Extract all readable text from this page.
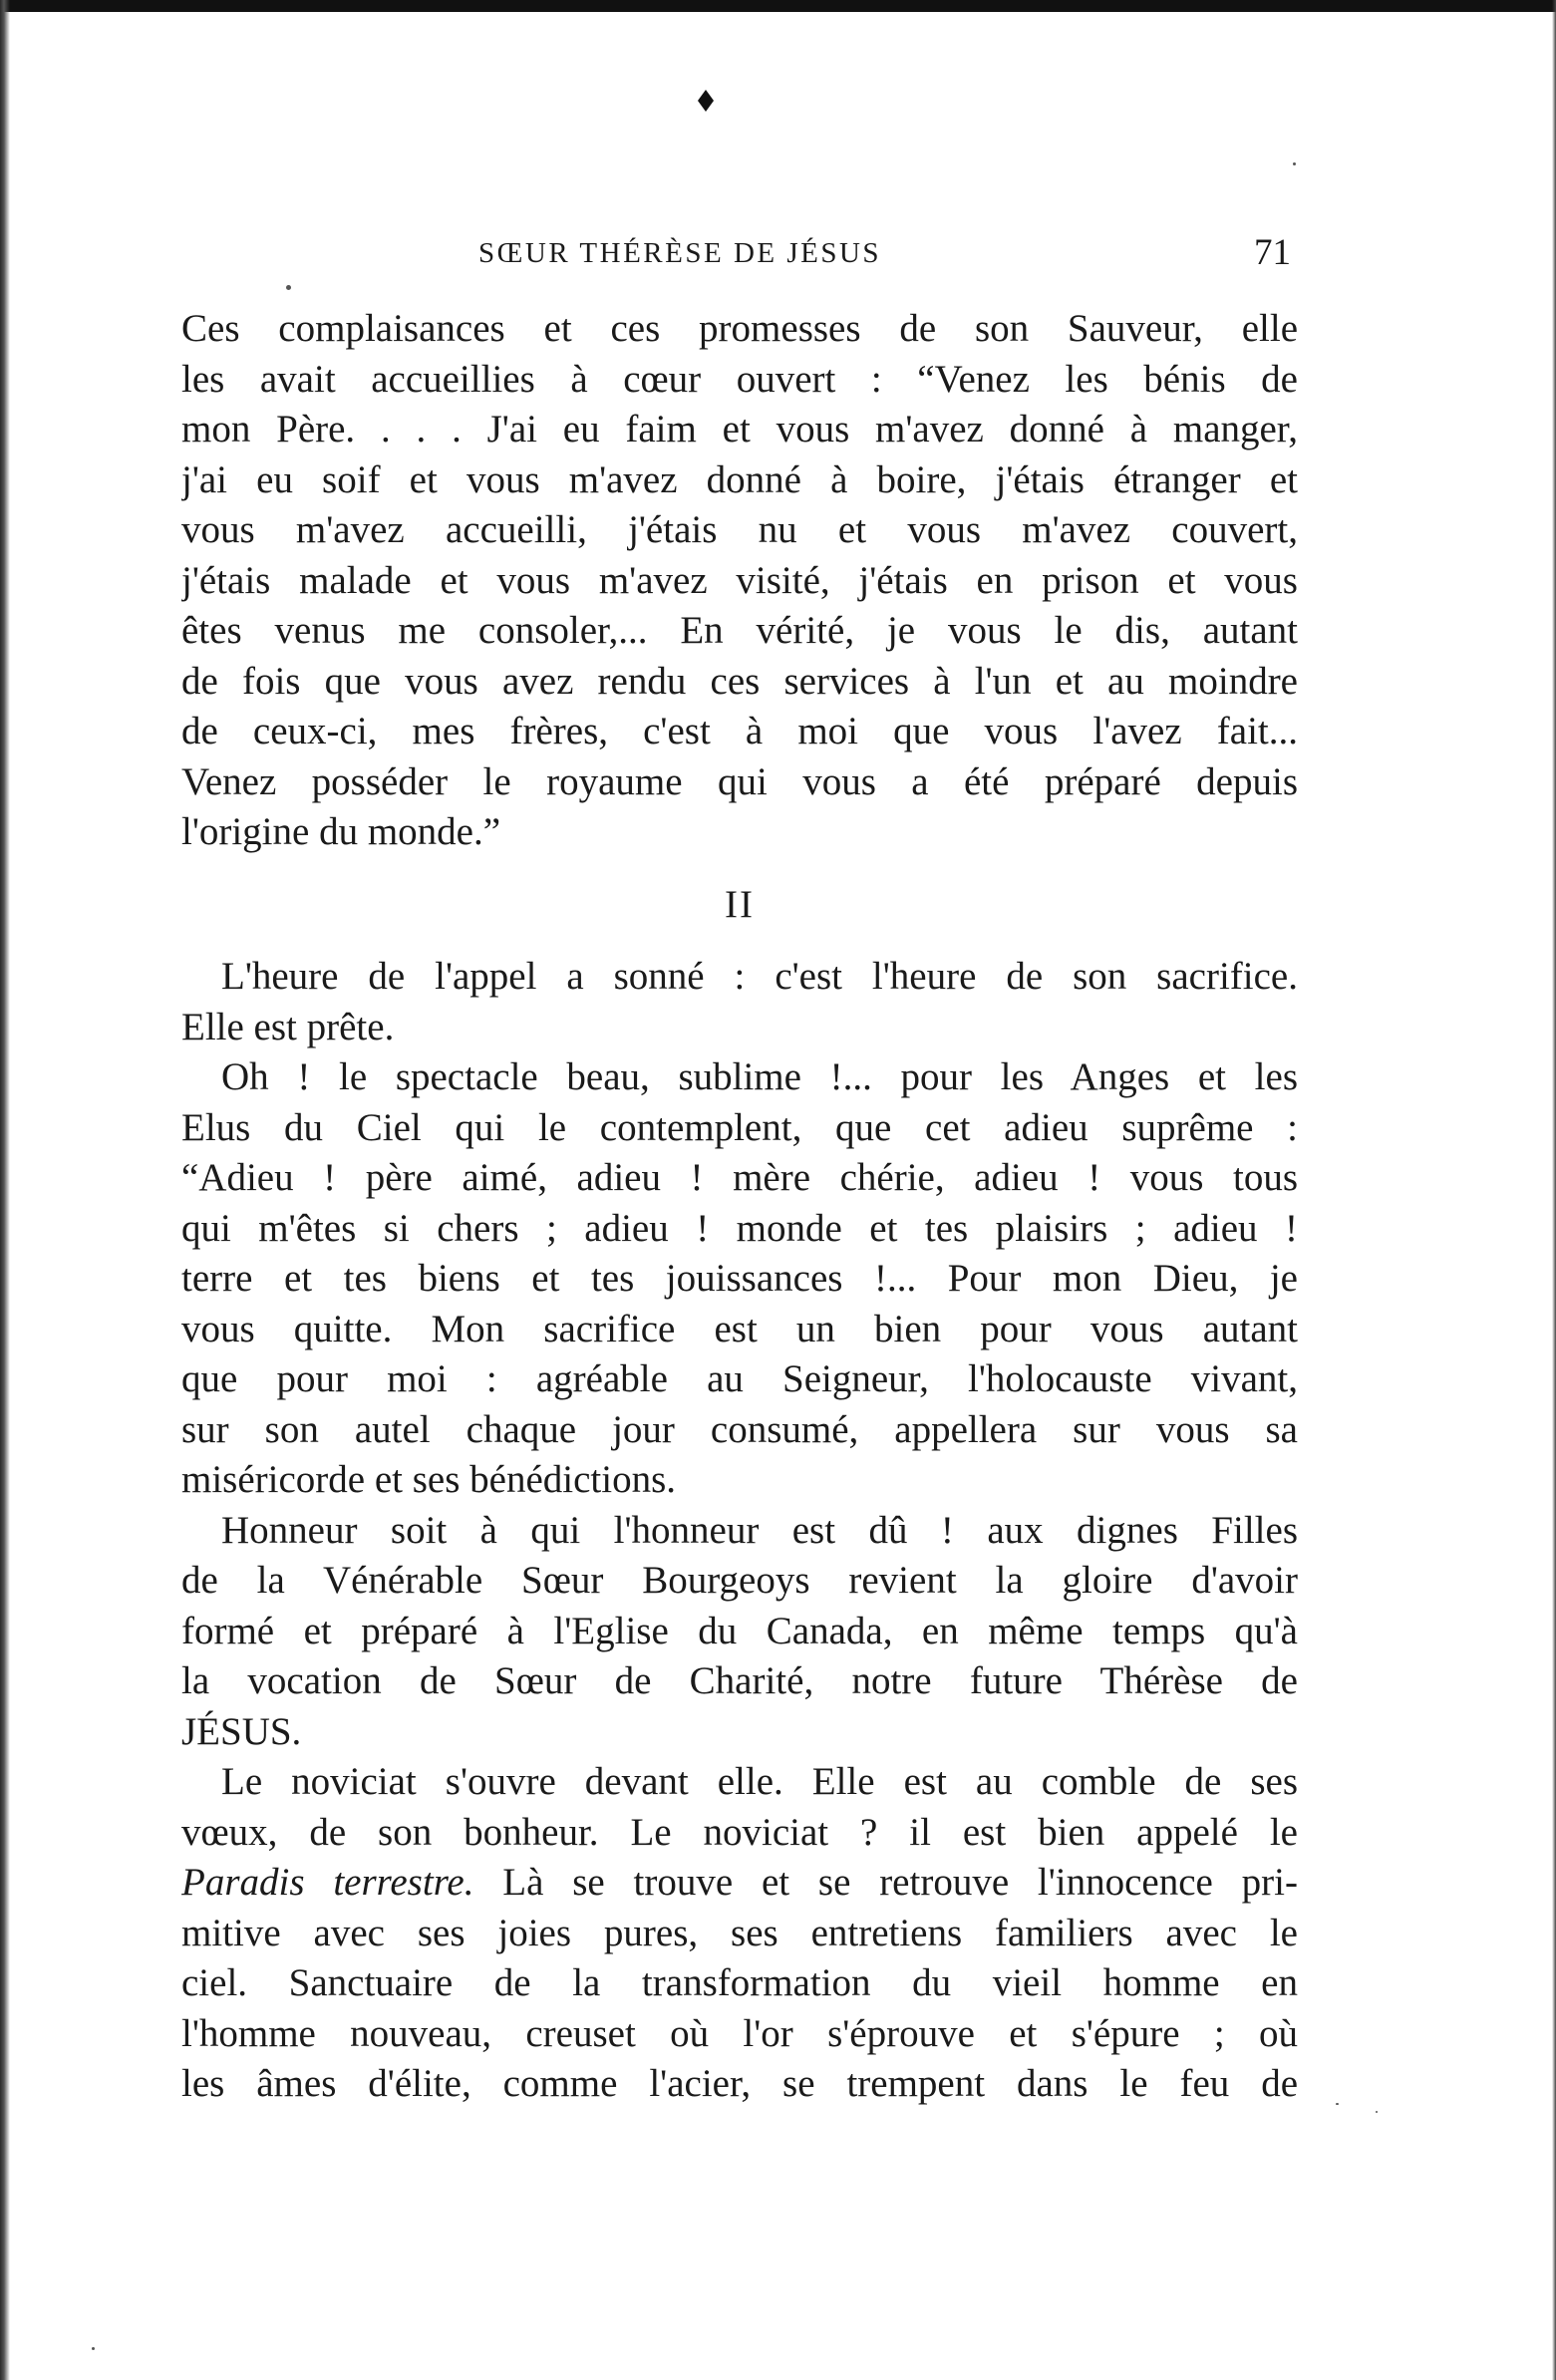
SŒUR THÉRÈSE DE JÉSUS	71
Ces complaisances et ces promesses de son Sauveur, elle
les avait accueillies à cœur ouvert : “Venez les bénis de
mon Père. . . . J'ai eu faim et vous m'avez donné à manger,
j'ai eu soif et vous m'avez donné à boire, j'étais étranger et
vous m'avez accueilli, j'étais nu et vous m'avez couvert,
j'étais malade et vous m'avez visité, j'étais en prison et vous
êtes venus me consoler,... En vérité, je vous le dis, autant
de fois que vous avez rendu ces services à l'un et au moindre
de ceux-ci, mes frères, c'est à moi que vous l'avez fait...
Venez posséder le royaume qui vous a été préparé depuis
l'origine du monde.”
II
L'heure de l'appel a sonné : c'est l'heure de son sacrifice.
Elle est prête.
Oh ! le spectacle beau, sublime !... pour les Anges et les
Elus du Ciel qui le contemplent, que cet adieu suprême :
“Adieu ! père aimé, adieu ! mère chérie, adieu ! vous tous
qui m'êtes si chers ; adieu ! monde et tes plaisirs ; adieu !
terre et tes biens et tes jouissances !... Pour mon Dieu, je
vous quitte. Mon sacrifice est un bien pour vous autant
que pour moi : agréable au Seigneur, l'holocauste vivant,
sur son autel chaque jour consumé, appellera sur vous sa
miséricorde et ses bénédictions.
Honneur soit à qui l'honneur est dû ! aux dignes Filles
de la Vénérable Sœur Bourgeoys revient la gloire d'avoir
formé et préparé à l'Eglise du Canada, en même temps qu'à
la vocation de Sœur de Charité, notre future Thérèse de
JÉSUS.
Le noviciat s'ouvre devant elle. Elle est au comble de ses
vœux, de son bonheur. Le noviciat ? il est bien appelé le
Paradis terrestre. Là se trouve et se retrouve l'innocence pri-
mitive avec ses joies pures, ses entretiens familiers avec le
ciel. Sanctuaire de la transformation du vieil homme en
l'homme nouveau, creuset où l'or s'éprouve et s'épure ; où
les âmes d'élite, comme l'acier, se trempent dans le feu de
